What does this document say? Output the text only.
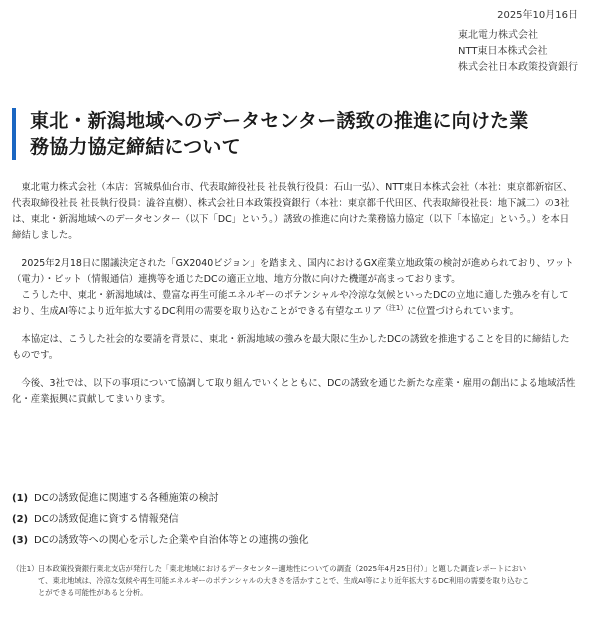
2025年10月16日
東北電力株式会社
NTT東日本株式会社
株式会社日本政策投資銀行
東北・新潟地域へのデータセンター誘致の推進に向けた業
務協力協定締結について

東北電力株式会社（本店：宮城県仙台市、代表取締役社長 社長執行役員：石山一弘）、NTT東日本株式会社（本社：東京都新宿区、代表取締役社長 社長執行役員：澁谷直樹）、株式会社日本政策投資銀行（本社：東京都千代田区、代表取締役社長：地下誠二）の3社は、東北・新潟地域へのデータセンター（以下「DC」という。）誘致の推進に向けた業務協力協定（以下「本協定」という。）を本日締結しました。

2025年2月18日に閣議決定された「GX2040ビジョン」を踏まえ、国内におけるGX産業立地政策の検討が進められており、ワット（電力）・ビット（情報通信）連携等を通じたDCの適正立地、地方分散に向けた機運が高まっております。

こうした中、東北・新潟地域は、豊富な再生可能エネルギーのポテンシャルや冷涼な気候といったDCの立地に適した強みを有しており、生成AI等により近年拡大するDC利用の需要を取り込むことができる有望なエリア$^{(注1)}$に位置づけられています。

本協定は、こうした社会的な要請を背景に、東北・新潟地域の強みを最大限に生かしたDCの誘致を推進することを目的に締結したものです。

今後、3社では、以下の事項について協調して取り組んでいくとともに、DCの誘致を通じた新たな産業・雇用の創出による地域活性化・産業振興に貢献してまいります。

(1) DCの誘致促進に関連する各種施策の検討
(2) DCの誘致促進に資する情報発信
(3) DCの誘致等への関心を示した企業や自治体等との連携の強化
（注1）日本政策投資銀行東北支店が発行した「東北地域におけるデータセンター適地性についての調査（2025年4月25日付）」と題した調査レポートにおい
て、東北地域は、冷涼な気候や再生可能エネルギーのポテンシャルの大きさを活かすことで、生成AI等により近年拡大するDC利用の需要を取り込むこ
とができる可能性があると分析。
